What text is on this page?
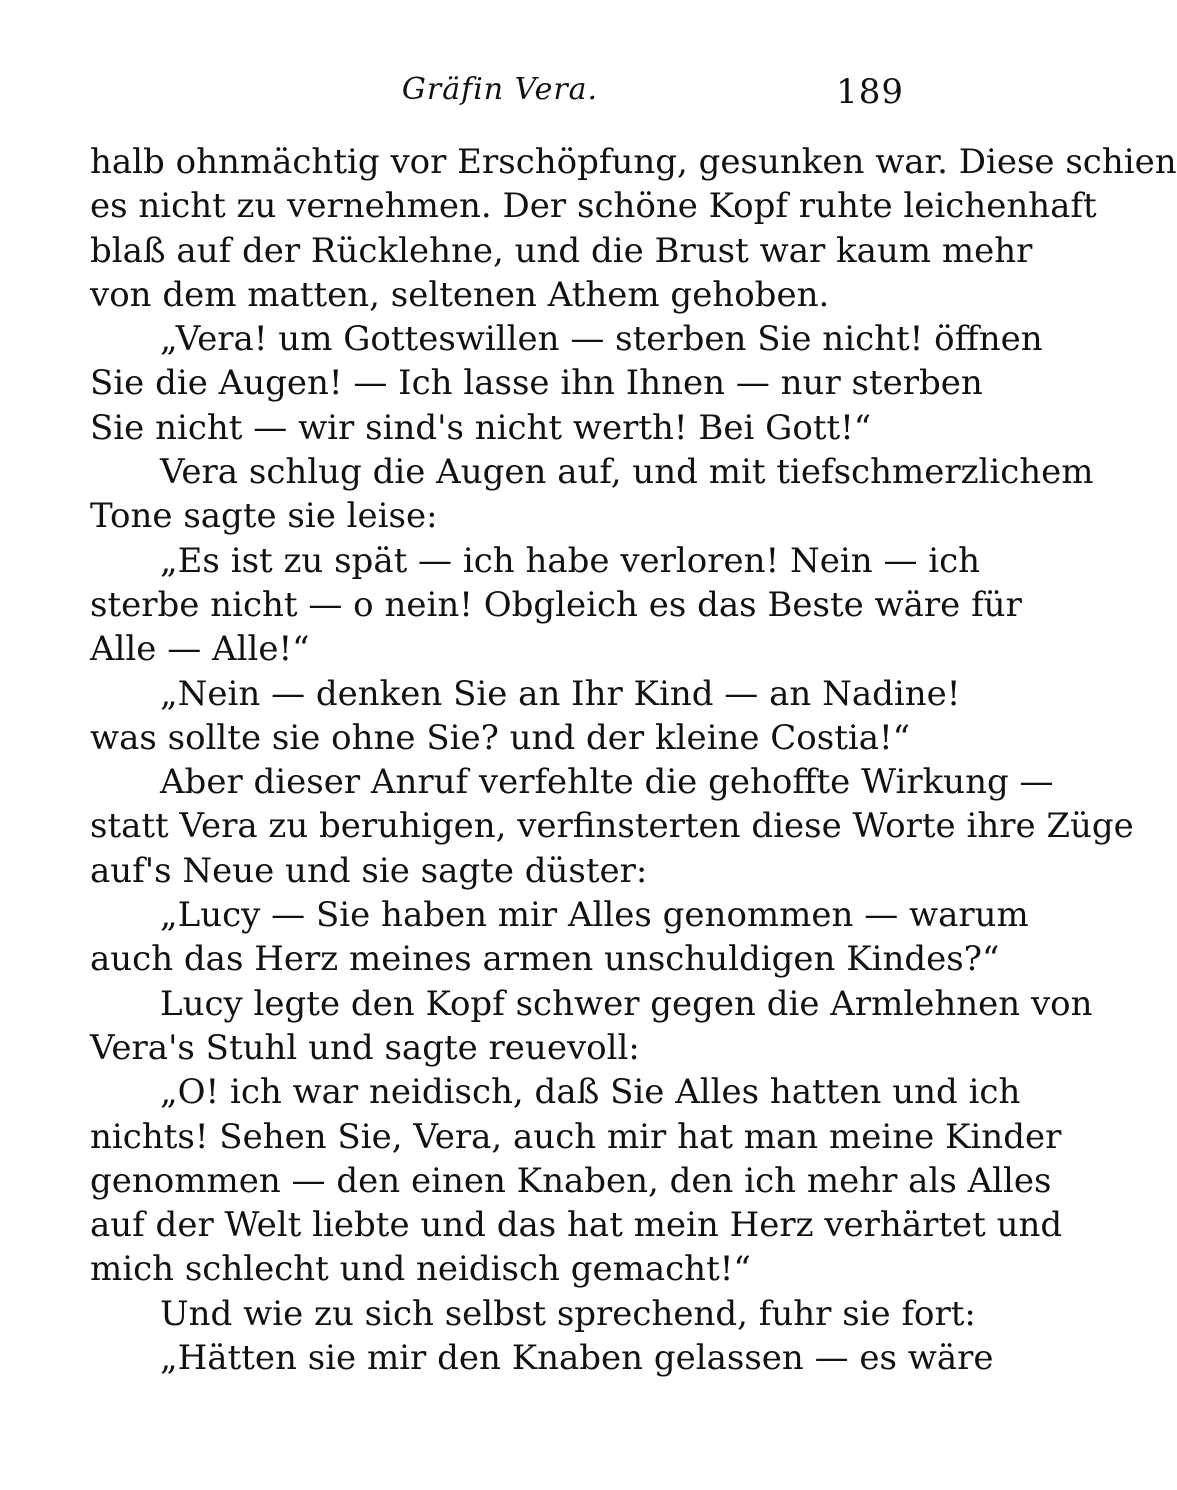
Gräfin Vera.	189
halb ohnmächtig vor Erschöpfung, gesunken war. Diese schien
es nicht zu vernehmen. Der schöne Kopf ruhte leichenhaft
blaß auf der Rücklehne, und die Brust war kaum mehr
von dem matten, seltenen Athem gehoben.
„Vera! um Gotteswillen — sterben Sie nicht! öffnen
Sie die Augen! — Ich lasse ihn Ihnen — nur sterben
Sie nicht — wir sind's nicht werth! Bei Gott!“
Vera schlug die Augen auf, und mit tiefschmerzlichem
Tone sagte sie leise:
„Es ist zu spät — ich habe verloren! Nein — ich
sterbe nicht — o nein! Obgleich es das Beste wäre für
Alle — Alle!“
„Nein — denken Sie an Ihr Kind — an Nadine!
was sollte sie ohne Sie? und der kleine Costia!“
Aber dieser Anruf verfehlte die gehoffte Wirkung —
statt Vera zu beruhigen, verfinsterten diese Worte ihre Züge
auf's Neue und sie sagte düster:
„Lucy — Sie haben mir Alles genommen — warum
auch das Herz meines armen unschuldigen Kindes?“
Lucy legte den Kopf schwer gegen die Armlehnen von
Vera's Stuhl und sagte reuevoll:
„O! ich war neidisch, daß Sie Alles hatten und ich
nichts! Sehen Sie, Vera, auch mir hat man meine Kinder
genommen — den einen Knaben, den ich mehr als Alles
auf der Welt liebte und das hat mein Herz verhärtet und
mich schlecht und neidisch gemacht!“
Und wie zu sich selbst sprechend, fuhr sie fort:
„Hätten sie mir den Knaben gelassen — es wäre
